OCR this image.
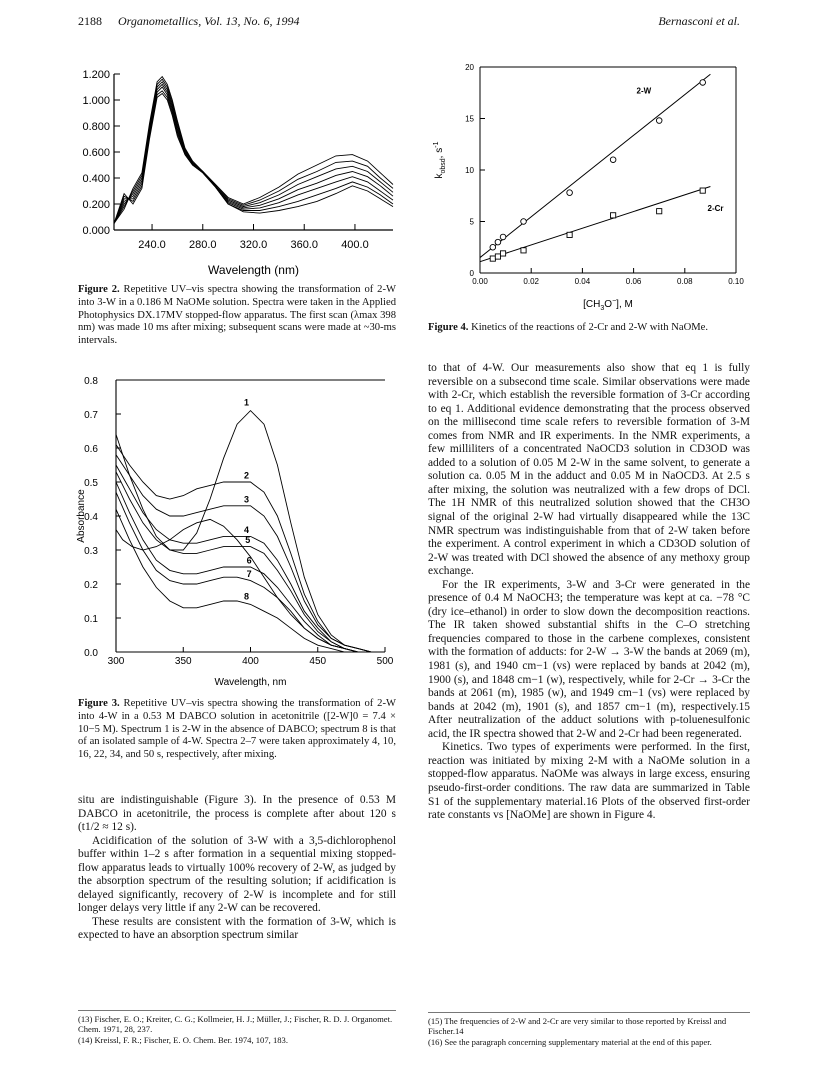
2188 Organometallics, Vol. 13, No. 6, 1994	Bernasconi et al.
0.000
0.200
0.400
0.600
0.800
1.000
1.200
240.0 280.0 320.0 360.0 400.0
Wavelength (nm)
Figure 2. Repetitive UV–vis spectra showing the transformation of 2-W into 3-W in a 0.186 M NaOMe solution. Spectra were taken in the Applied Photophysics DX.17MV stopped-flow apparatus. The first scan (λmax 398 nm) was made 10 ms after mixing; subsequent scans were made at ~30-ms intervals.
0.0
0.1
0.2
0.3
0.4
0.5
0.6
0.7
0.8
300	350	400	450	500
1
2
3
4
5
6
7
8
Wavelength, nm
Absorbance
Figure 3. Repetitive UV–vis spectra showing the transformation of 2-W into 4-W in a 0.53 M DABCO solution in acetonitrile ([2-W]0 = 7.4 × 10−5 M). Spectrum 1 is 2-W in the absence of DABCO; spectrum 8 is that of an isolated sample of 4-W. Spectra 2–7 were taken approximately 4, 10, 16, 22, 34, and 50 s, respectively, after mixing.

situ are indistinguishable (Figure 3). In the presence of 0.53 M DABCO in acetonitrile, the process is complete after about 120 s (t1/2 ≈ 12 s).

Acidification of the solution of 3-W with a 3,5-dichlorophenol buffer within 1–2 s after formation in a sequential mixing stopped-flow apparatus leads to virtually 100% recovery of 2-W, as judged by the absorption spectrum of the resulting solution; if acidification is delayed significantly, recovery of 2-W is incomplete and for still longer delays very little if any 2-W can be recovered.

These results are consistent with the formation of 3-W, which is expected to have an absorption spectrum similar

(13) Fischer, E. O.; Kreiter, C. G.; Kollmeier, H. J.; Müller, J.; Fischer, R. D. J. Organomet. Chem. 1971, 28, 237.

(14) Kreissl, F. R.; Fischer, E. O. Chem. Ber. 1974, 107, 183.

0
5
10
15
20
0.00	0.02	0.04	0.06	0.08	0.10
2-W
2-Cr
$[CH_3O^-]$, M
$k_{obsd}$, $s^{-1}$
Figure 4. Kinetics of the reactions of 2-Cr and 2-W with NaOMe.

to that of 4-W. Our measurements also show that eq 1 is fully reversible on a subsecond time scale. Similar observations were made with 2-Cr, which establish the reversible formation of 3-Cr according to eq 1. Additional evidence demonstrating that the process observed on the millisecond time scale refers to reversible formation of 3-M comes from NMR and IR experiments. In the NMR experiments, a few milliliters of a concentrated NaOCD3 solution in CD3OD was added to a solution of 0.05 M 2-W in the same solvent, to generate a solution ca. 0.05 M in the adduct and 0.05 M in NaOCD3. At 2.5 s after mixing, the solution was neutralized with a few drops of DCl. The 1H NMR of this neutralized solution showed that the CH3O signal of the original 2-W had virtually disappeared while the 13C NMR spectrum was indistinguishable from that of 2-W taken before the experiment. A control experiment in which a CD3OD solution of 2-W was treated with DCl showed the absence of any methoxy group exchange.

For the IR experiments, 3-W and 3-Cr were generated in the presence of 0.4 M NaOCH3; the temperature was kept at ca. −78 °C (dry ice–ethanol) in order to slow down the decomposition reactions. The IR taken showed substantial shifts in the C–O stretching frequencies compared to those in the carbene complexes, consistent with the formation of adducts: for 2-W → 3-W the bands at 2069 (m), 1981 (s), and 1940 cm−1 (vs) were replaced by bands at 2042 (m), 1900 (s), and 1848 cm−1 (w), respectively, while for 2-Cr → 3-Cr the bands at 2061 (m), 1985 (w), and 1949 cm−1 (vs) were replaced by bands at 2042 (m), 1901 (s), and 1857 cm−1 (m), respectively.15 After neutralization of the adduct solutions with p-toluenesulfonic acid, the IR spectra showed that 2-W and 2-Cr had been regenerated.

Kinetics. Two types of experiments were performed. In the first, reaction was initiated by mixing 2-M with a NaOMe solution in a stopped-flow apparatus. NaOMe was always in large excess, ensuring pseudo-first-order conditions. The raw data are summarized in Table S1 of the supplementary material.16 Plots of the observed first-order rate constants vs [NaOMe] are shown in Figure 4.

(15) The frequencies of 2-W and 2-Cr are very similar to those reported by Kreissl and Fischer.14

(16) See the paragraph concerning supplementary material at the end of this paper.
